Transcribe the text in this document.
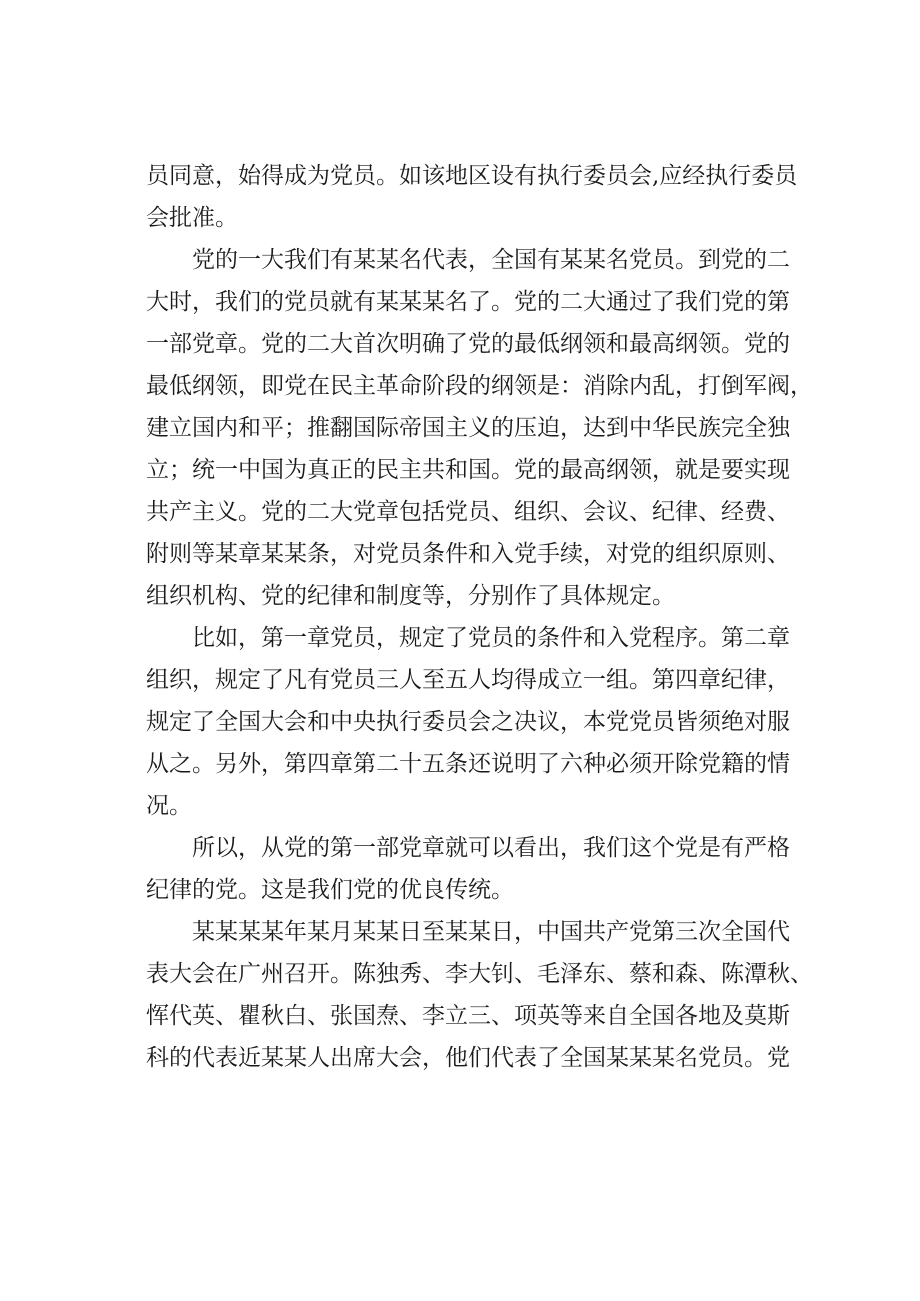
员同意，始得成为党员。如该地区设有执行委员会,应经执行委员
会批准。
党的一大我们有某某名代表，全国有某某名党员。到党的二
大时，我们的党员就有某某某名了。党的二大通过了我们党的第
一部党章。党的二大首次明确了党的最低纲领和最高纲领。党的
最低纲领，即党在民主革命阶段的纲领是：消除内乱，打倒军阀，
建立国内和平；推翻国际帝国主义的压迫，达到中华民族完全独
立；统一中国为真正的民主共和国。党的最高纲领，就是要实现
共产主义。党的二大党章包括党员、组织、会议、纪律、经费、
附则等某章某某条，对党员条件和入党手续，对党的组织原则、
组织机构、党的纪律和制度等，分别作了具体规定。
比如，第一章党员，规定了党员的条件和入党程序。第二章
组织，规定了凡有党员三人至五人均得成立一组。第四章纪律，
规定了全国大会和中央执行委员会之决议，本党党员皆须绝对服
从之。另外，第四章第二十五条还说明了六种必须开除党籍的情
况。
所以，从党的第一部党章就可以看出，我们这个党是有严格
纪律的党。这是我们党的优良传统。
某某某某年某月某某日至某某日，中国共产党第三次全国代
表大会在广州召开。陈独秀、李大钊、毛泽东、蔡和森、陈潭秋、
恽代英、瞿秋白、张国焘、李立三、项英等来自全国各地及莫斯
科的代表近某某人出席大会，他们代表了全国某某某名党员。党
